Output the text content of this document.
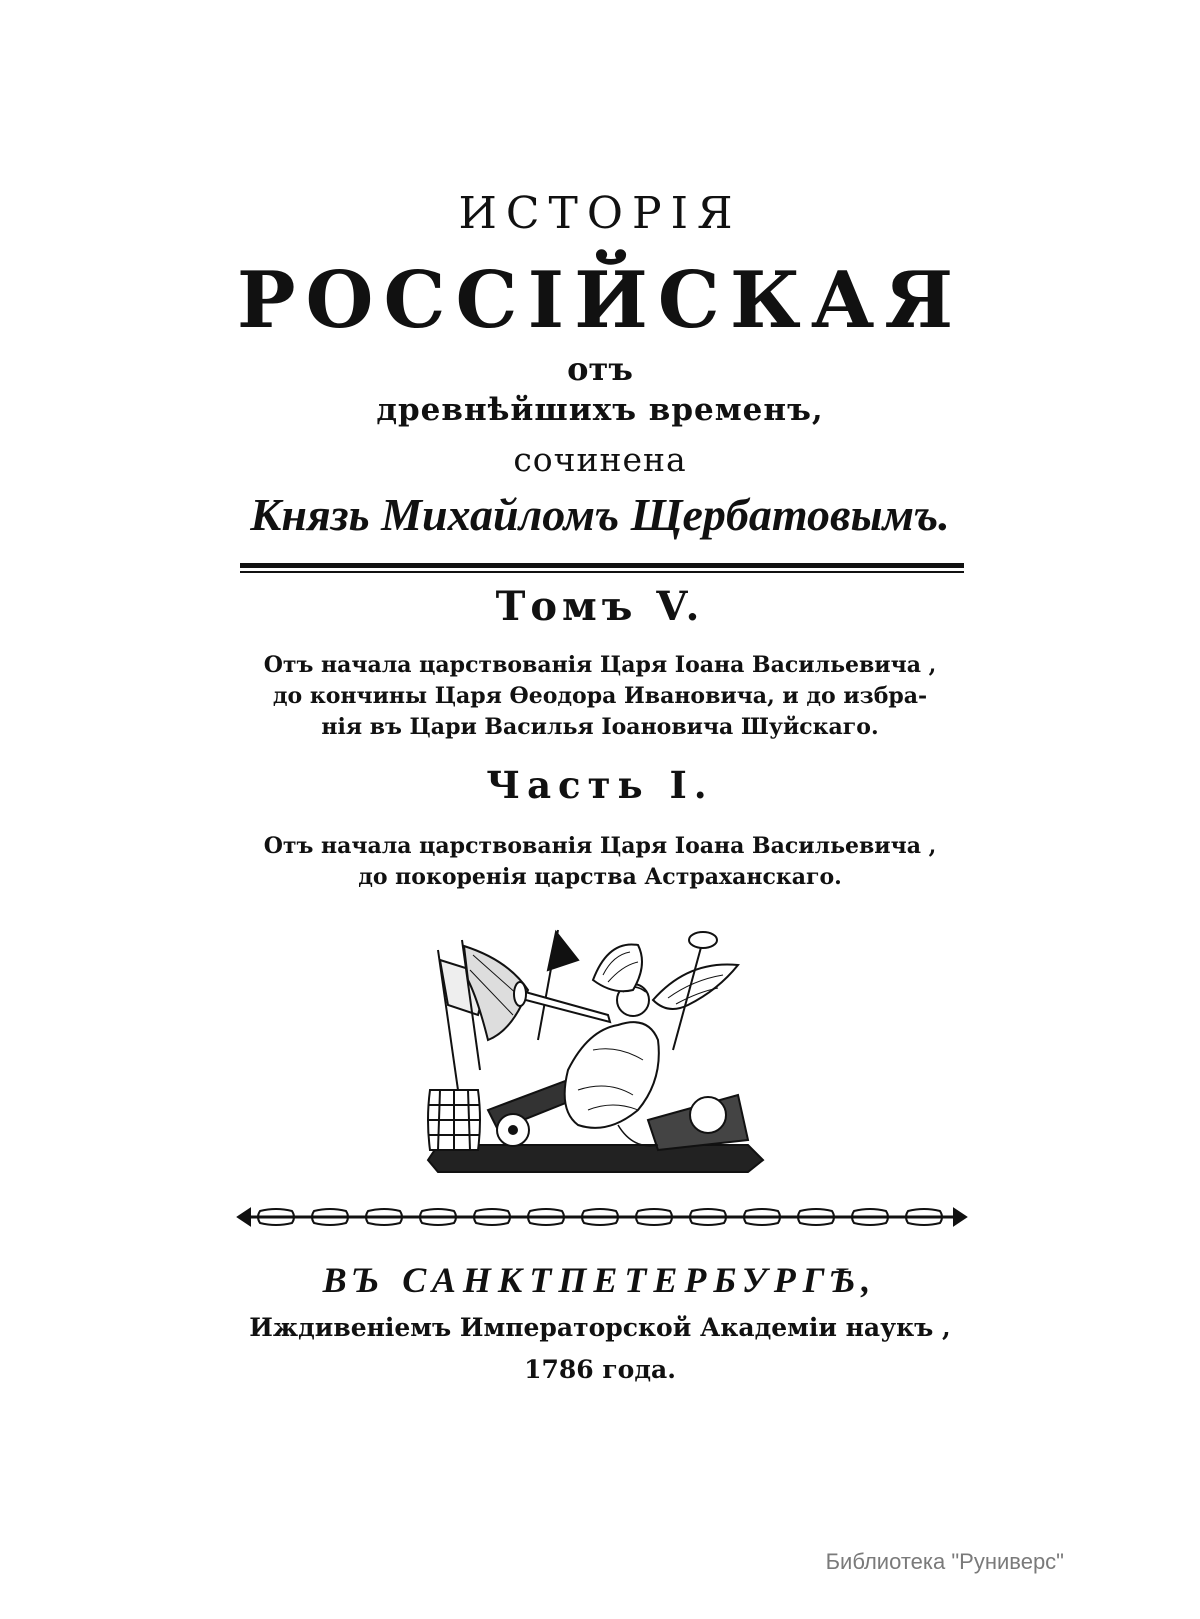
ИСТОРІЯ
РОССІЙСКАЯ
отъ
древнѣйшихъ временъ,
сочинена
Князь Михайломъ Щербатовымъ.
Томъ V.
Отъ начала царствованія Царя Іоана Васильевича ,
до кончины Царя Ѳеодора Ивановича, и до избра-
нія въ Цари Василья Іоановича Шуйскаго.
Часть I.
Отъ начала царствованія Царя Іоана Васильевича ,
до покоренія царства Астраханскаго.
ВЪ САНКТПЕТЕРБУРГѢ,
Иждивеніемъ Императорской Академіи наукъ ,
1786 года.
Библиотека "Руниверс"
